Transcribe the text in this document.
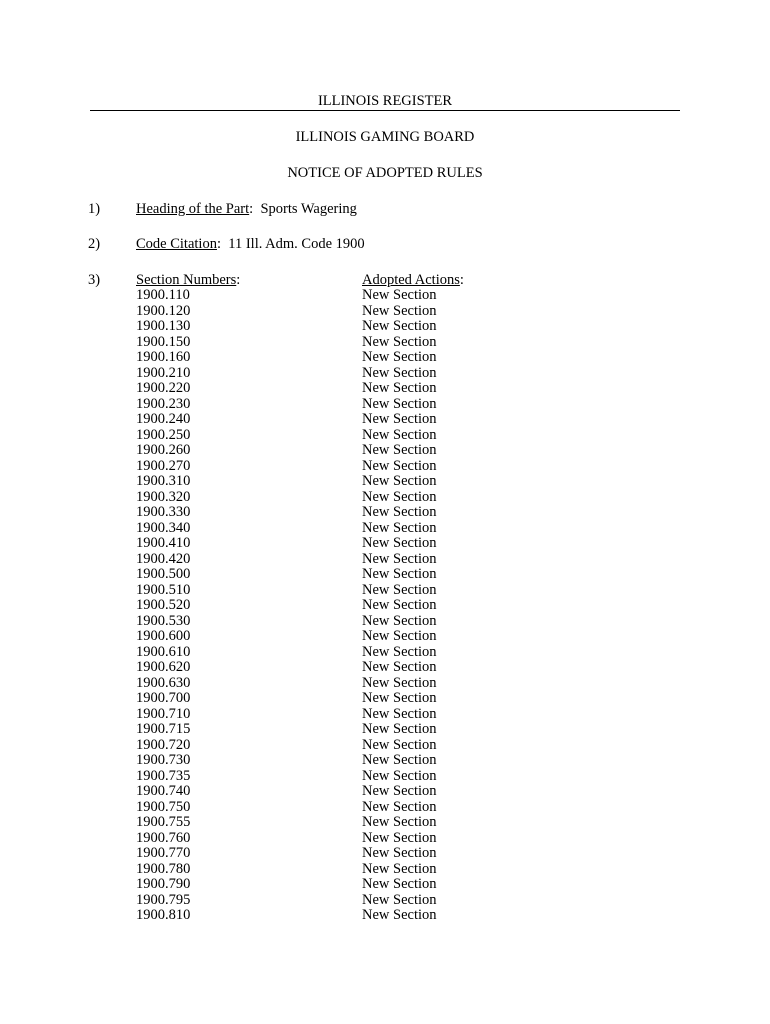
ILLINOIS REGISTER
ILLINOIS GAMING BOARD
NOTICE OF ADOPTED RULES
1) Heading of the Part:  Sports Wagering
2) Code Citation:  11 Ill. Adm. Code 1900
3) Section Numbers:	Adopted Actions:
1900.110	New Section
1900.120	New Section
1900.130	New Section
1900.150	New Section
1900.160	New Section
1900.210	New Section
1900.220	New Section
1900.230	New Section
1900.240	New Section
1900.250	New Section
1900.260	New Section
1900.270	New Section
1900.310	New Section
1900.320	New Section
1900.330	New Section
1900.340	New Section
1900.410	New Section
1900.420	New Section
1900.500	New Section
1900.510	New Section
1900.520	New Section
1900.530	New Section
1900.600	New Section
1900.610	New Section
1900.620	New Section
1900.630	New Section
1900.700	New Section
1900.710	New Section
1900.715	New Section
1900.720	New Section
1900.730	New Section
1900.735	New Section
1900.740	New Section
1900.750	New Section
1900.755	New Section
1900.760	New Section
1900.770	New Section
1900.780	New Section
1900.790	New Section
1900.795	New Section
1900.810	New Section
